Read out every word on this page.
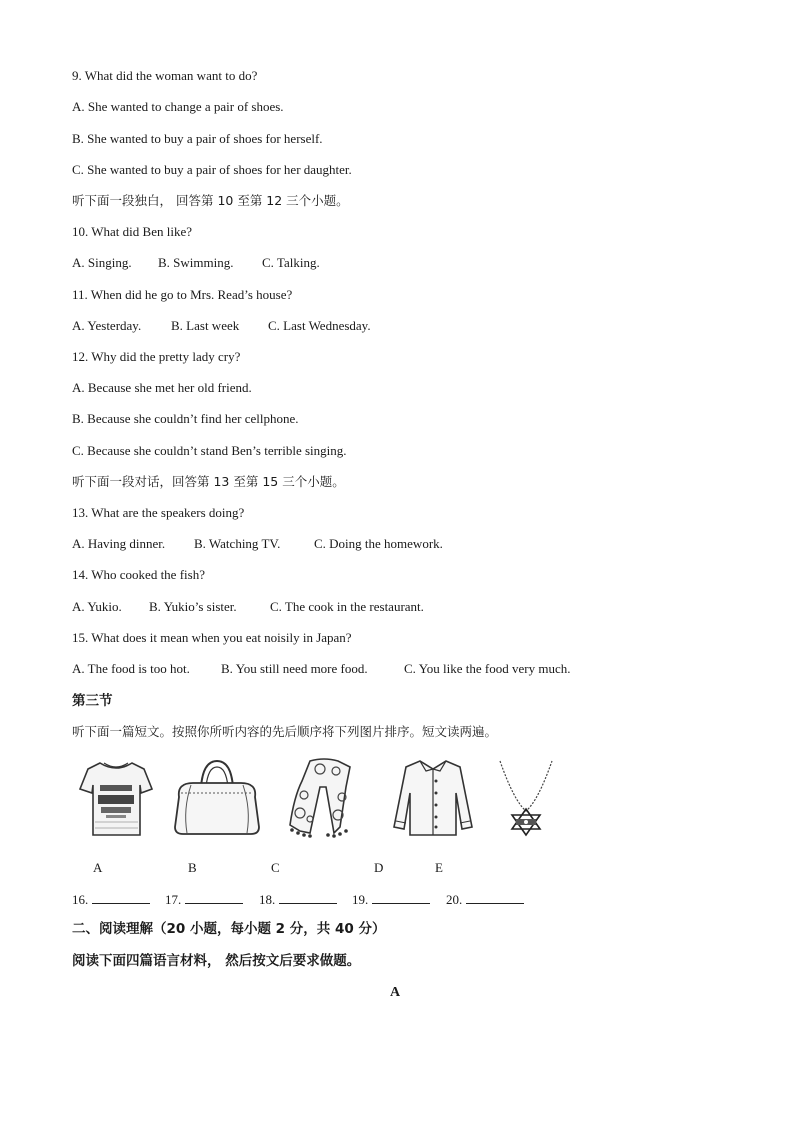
9. What did the woman want to do?
A. She wanted to change a pair of shoes.
B. She wanted to buy a pair of shoes for herself.
C. She wanted to buy a pair of shoes for her daughter.
听下面一段独白， 回答第 10 至第 12 三个小题。
10. What did Ben like?
A. Singing. B. Swimming. C. Talking.
11. When did he go to Mrs. Read’s house?
A. Yesterday. B. Last week C. Last Wednesday.
12. Why did the pretty lady cry?
A. Because she met her old friend.
B. Because she couldn’t find her cellphone.
C. Because she couldn’t stand Ben’s terrible singing.
听下面一段对话，回答第 13 至第 15 三个小题。
13. What are the speakers doing?
A. Having dinner. B. Watching TV.	C. Doing the homework.
14. Who cooked the fish?
A. Yukio. B. Yukio’s sister.	C. The cook in the restaurant.
15. What does it mean when you eat noisily in Japan?
A. The food is too hot. B. You still need more food.	C. You like the food very much.
第三节
听下面一篇短文。按照你所听内容的先后顺序将下列图片排序。短文读两遍。
A	B	C	D	E
16.	17.	18.	19.	20.
二、阅读理解（20 小题，每小题 2 分，共 40 分）
阅读下面四篇语言材料， 然后按文后要求做题。
A
